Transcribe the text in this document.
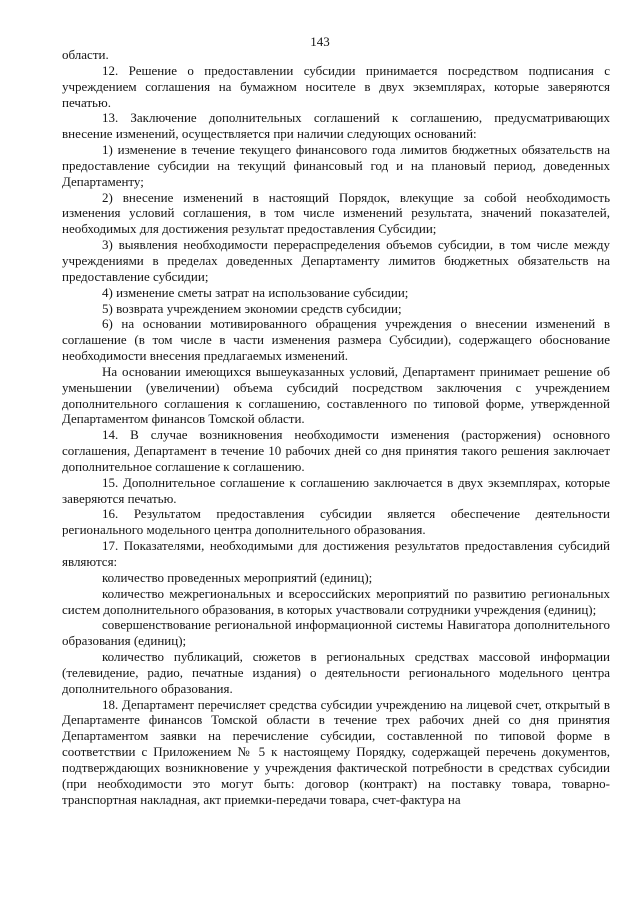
143

области.

12. Решение о предоставлении субсидии принимается посредством подписания с учреждением соглашения на бумажном носителе в двух экземплярах, которые заверяются печатью.

13. Заключение дополнительных соглашений к соглашению, предусматривающих внесение изменений, осуществляется при наличии следующих оснований:

1) изменение в течение текущего финансового года лимитов бюджетных обязательств на предоставление субсидии на текущий финансовый год и на плановый период, доведенных Департаменту;

2) внесение изменений в настоящий Порядок, влекущие за собой необходимость изменения условий соглашения, в том числе изменений результата, значений показателей, необходимых для достижения результат предоставления Субсидии;

3) выявления необходимости перераспределения объемов субсидии, в том числе между учреждениями в пределах доведенных Департаменту лимитов бюджетных обязательств на предоставление субсидии;

4) изменение сметы затрат на использование субсидии;

5) возврата учреждением экономии средств субсидии;

6) на основании мотивированного обращения учреждения о внесении изменений в соглашение (в том числе в части изменения размера Субсидии), содержащего обоснование необходимости внесения предлагаемых изменений.

На основании имеющихся вышеуказанных условий, Департамент принимает решение об уменьшении (увеличении) объема субсидий посредством заключения с учреждением дополнительного соглашения к соглашению, составленного по типовой форме, утвержденной Департаментом финансов Томской области.

14. В случае возникновения необходимости изменения (расторжения) основного соглашения, Департамент в течение 10 рабочих дней со дня принятия такого решения заключает дополнительное соглашение к соглашению.

15. Дополнительное соглашение к соглашению заключается в двух экземплярах, которые заверяются печатью.

16. Результатом предоставления субсидии является обеспечение деятельности регионального модельного центра дополнительного образования.

17. Показателями, необходимыми для достижения результатов предоставления субсидий являются:

количество проведенных мероприятий (единиц);

количество межрегиональных и всероссийских мероприятий по развитию региональных систем дополнительного образования, в которых участвовали сотрудники учреждения (единиц);

совершенствование региональной информационной системы Навигатора дополнительного образования (единиц);

количество публикаций, сюжетов в региональных средствах массовой информации (телевидение, радио, печатные издания) о деятельности регионального модельного центра дополнительного образования.

18. Департамент перечисляет средства субсидии учреждению на лицевой счет, открытый в Департаменте финансов Томской области в течение трех рабочих дней со дня принятия Департаментом заявки на перечисление субсидии, составленной по типовой форме в соответствии с Приложением № 5 к настоящему Порядку, содержащей перечень документов, подтверждающих возникновение у учреждения фактической потребности в средствах субсидии (при необходимости это могут быть: договор (контракт) на поставку товара, товарно-транспортная накладная, акт приемки-передачи товара, счет-фактура на
